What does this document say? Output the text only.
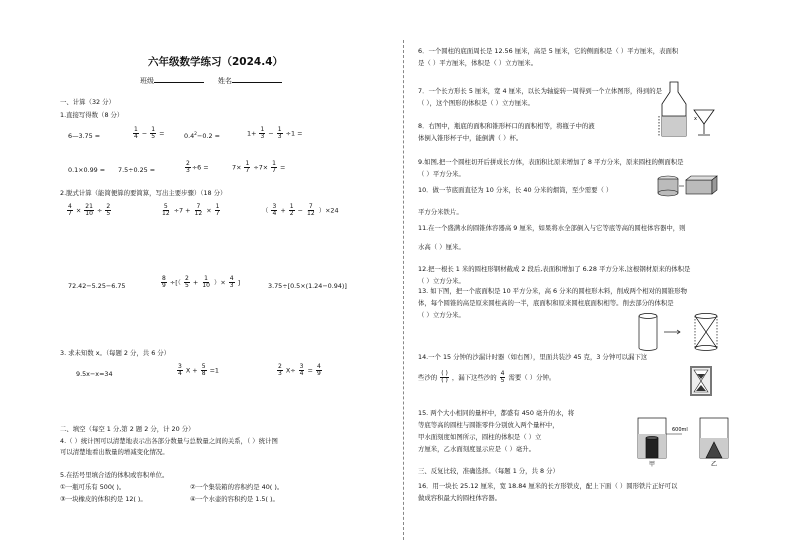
六年级数学练习（2024.4）
班级	姓名
一、计算（32 分）
1.直接写得数（8 分）
6—3.75 =	$\frac{1}{4} - \frac{1}{5}$ =	$0.4^2-0.2$ =	$1+ \frac{1}{3} - \frac{1}{3} \div 1$ =
0.1×0.99 = 7.5÷0.25 =	$\frac{2}{3} \div 6$ =	$7\times \frac{1}{7} \div 7\times \frac{1}{7}$ =
2.脱式计算（能简便算的要简算，写出主要步骤）（18 分）
$\frac{4}{7} \times \frac{21}{10} \div \frac{2}{5}$	$\frac{5}{12} \div 7 + \frac{7}{12} \times \frac{1}{7}$	（ $\frac{3}{4} + \frac{1}{2} - \frac{7}{12} )\times 24$
72.42−5.25−6.75	$\frac{8}{9}$ ÷[（ $\frac{2}{5} + \frac{1}{10}$ ）× $\frac{4}{3}$ ]	3.75÷[0.5×(1.24−0.94)]
3. 求未知数 x。（每题 2 分，共 6 分）
9.5x−x=34	$\frac{3}{4}$ $X + \frac{5}{8} =1$	$\frac{2}{3} X\div \frac{3}{4} = \frac{4}{9}$
二、填空（每空 1 分,第 2 题 2 分，计 20 分）
4.（ ）统计图可以清楚地表示出各部分数量与总数量之间的关系，（ ）统计图
可以清楚地看出数量的增减变化情况。
5.在括号里填合适的体积或容积单位。
①一瓶可乐有 500( )。	②一个集装箱的容积约是 40( )。
③一块橡皮的体积约是 12( )。	④一个水壶的容积约是 1.5( )。
6．一个圆柱的底面周长是 12.56 厘米，高是 5 厘米，它的侧面积是（ ）平方厘米，表面积
是（ ）平方厘米，体积是（ ）立方厘米。
7．一个长方形长 5 厘米，宽 4 厘米，以长为轴旋转一周得到一个立体图形，得到的是
（ ），这个图形的体积是（ ）立方厘米。
8．右图中，瓶底的面积和锥形杯口的面积相等，将瓶子中的液
体倒入锥形杯子中，能倒满（ ）杯。
x
9.如图,把一个圆柱切开后拼成长方体，表面积比原来增加了 8 平方分米，原来圆柱的侧面积是
（ ）平方分米。
10．做一节底面直径为 10 分米，长 40 分米的烟筒，至少需要（ ）
平方分米铁片。
11.在一个盛满水的圆锥体容器高 9 厘米，如果将水全部倒入与它等底等高的圆柱体容器中，则
水高（ ）厘米。
12.把一根长 1 米的圆柱形钢材截成 2 段后,表面积增加了 6.28 平方分米,这根钢材原来的体积是
（ ）立方分米。
13. 如下图，把一个底面积是 10 平方分米，高 6 分米的圆柱形木料，削成两个相对的圆锥形物
体，每个圆锥的高是原来圆柱高的一半，底面积和原来圆柱底面积相等。削去部分的体积是
（ ）立方分米。
14.一个 15 分钟的沙漏计时器（如右图），里面共装沙 45 克，3 分钟可以漏下这
些沙的 $\frac{( )}{( )}$ ，漏下这些沙的 $\frac{4}{5}$ 需要（ ）分钟。
15. 两个大小相同的量杯中，都盛有 450 毫升的水，将
等底等高的圆柱与圆锥零件分别放入两个量杯中，
甲水面刻度如图所示，圆柱的体积是（ ）立
方厘米，乙水面刻度显示应是（ ）毫升。
600ml
甲	乙
三、反复比较，准确选择。（每题 1 分，共 8 分）
16．用一块长 25.12 厘米，宽 18.84 厘米的长方形铁皮，配上下面（ ）圆形铁片正好可以
做成容积最大的圆柱体容器。
